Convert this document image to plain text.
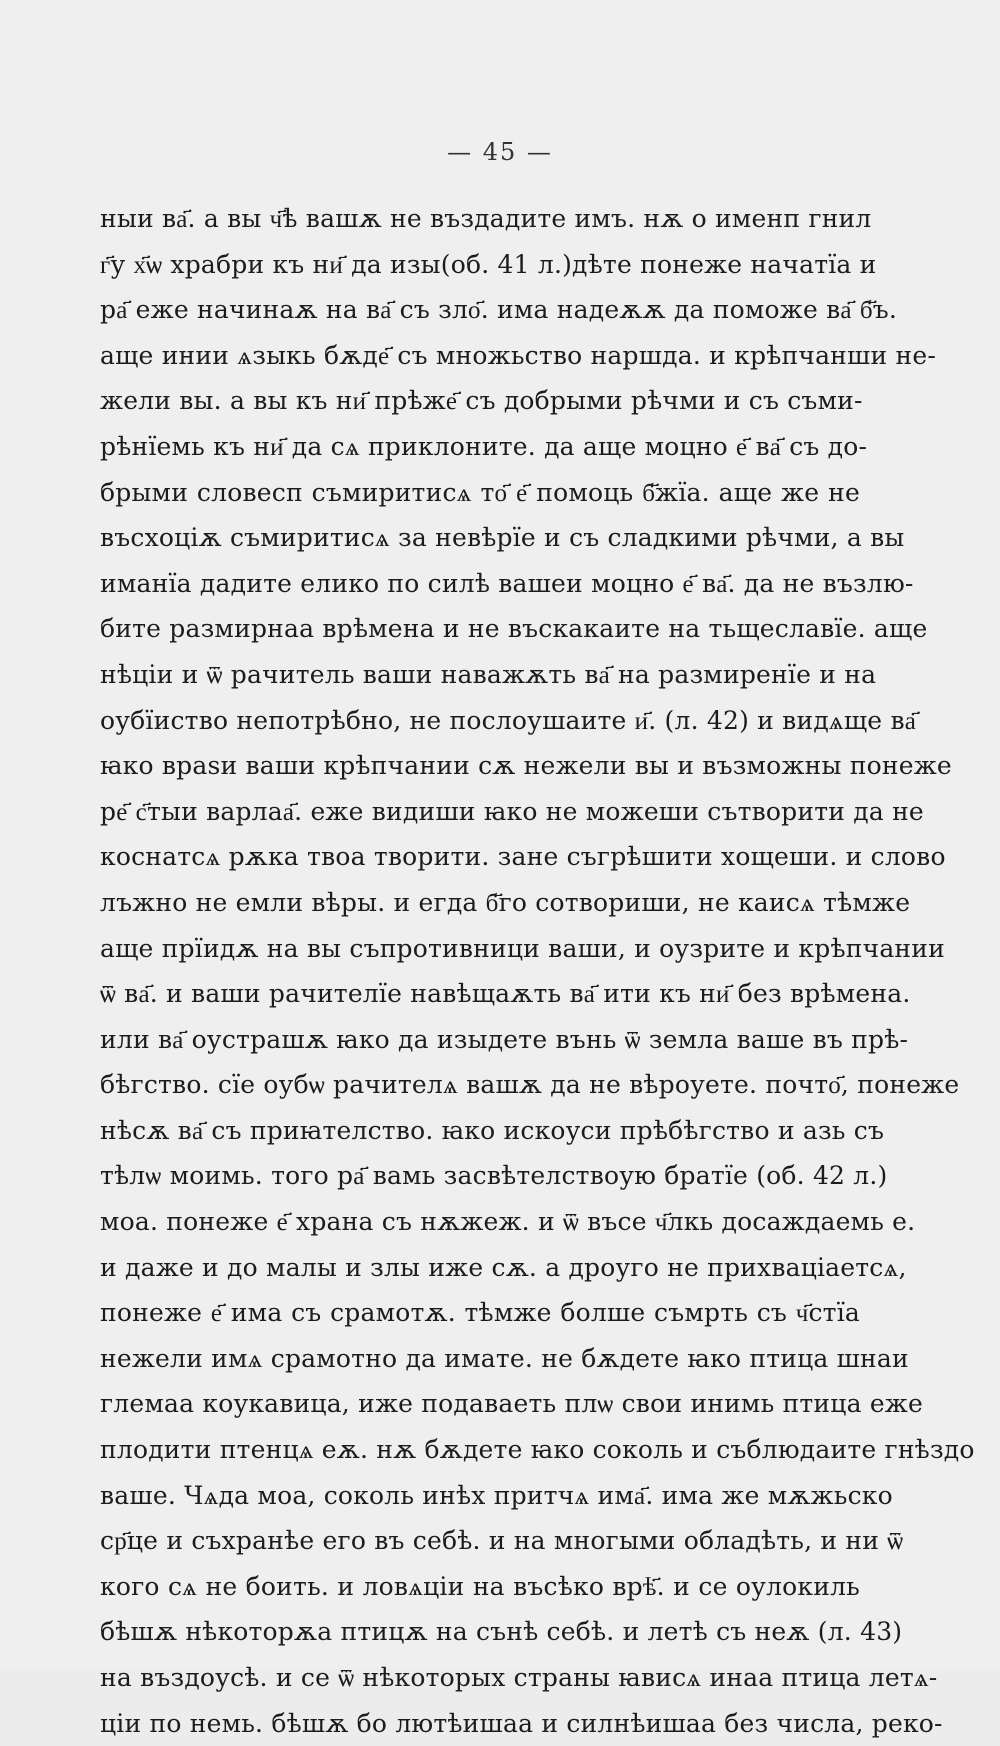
— 45 —
ныи ва҃. а вы ч҃ѣ вашѫ не въздадите имъ. нѫ о именп гнил
г҃у х҃ѡ храбри къ ни҃ да изы(об. 41 л.)дѣте понеже начатїа и
ра҃ еже начинаѫ на ва҃ съ зло҃. има надеѫѫ да поможе ва҃ б҃ъ.
аще инии ѧзыкь бѫде҃ съ множьство наршда. и крѣпчанши не-
жели вы. а вы къ ни҃ прѣже҃ съ добрыми рѣчми и съ съми-
рѣнїемь къ ни҃ да сѧ приклоните. да аще моцно е҃ ва҃ съ до-
брыми словесп съмиритисѧ то҃ е҃ помоць б҃жїа. аще же не
въсхоціѫ съмиритисѧ за невѣрїе и съ сладкими рѣчми, а вы
иманїа дадите елико по силѣ вашеи моцно е҃ ва҃. да не възлю-
бите размирнаа врѣмена и не въскакаите на тьщеславїе. аще
нѣціи и ѿ рачитель ваши наважѫть ва҃ на размиренїе и на
оубїиство непотрѣбно, не послоушаите и҃. (л. 42) и видѧще ва҃
ꙗко враѕи ваши крѣпчании сѫ нежели вы и възможны понеже
ре҃ с҃тыи варлаа҃. еже видиши ꙗко не можеши сътворити да не
коснатсѧ рѫка твоа творити. зане съгрѣшити хощеши. и слово
лъжно не емли вѣры. и егда б҃го сотвориши, не каисѧ тѣмже
аще прїидѫ на вы съпротивници ваши, и оузрите и крѣпчании
ѿ ва҃. и ваши рачителїе навѣщаѫть ва҃ ити къ ни҃ без врѣмена.
или ва҃ оустрашѫ ꙗко да изыдете вънь ѿ земла ваше въ прѣ-
бѣгство. сїе оубѡ рачителѧ вашѫ да не вѣроуете. почто҃, понеже
нѣсѫ ва҃ съ приꙗтелство. ꙗко искоуси прѣбѣгство и азь съ
тѣлѡ моимь. того ра҃ вамь засвѣтелствоую братїе (об. 42 л.)
моа. понеже е҃ храна съ нѫжеж. и ѿ въсе ч҃лкь досаждаемь е.
и даже и до малы и злы иже сѫ. а дроуго не прихваціаетсѧ,
понеже е҃ има съ срамотѫ. тѣмже болше съмрть съ ч҃стїа
нежели имѧ срамотно да имате. не бѫдете ꙗко птица шнаи
глемаа коукавица, иже подаваеть плѡ свои инимь птица еже
плодити птенцѧ еѫ. нѫ бѫдете ꙗко соколь и съблюдаите гнѣздо
ваше. Чѧда моа, соколь инѣх притчѧ има҃. има же мѫжьско
ср҃це и съхранѣе его въ себѣ. и на многыми обладѣть, и ни ѿ
кого сѧ не боить. и ловѧціи на въсѣко врѣ҃. и се оулокиль
бѣшѫ нѣкоторѫа птицѫ на сънѣ себѣ. и летѣ съ неѫ (л. 43)
на въздоусѣ. и се ѿ нѣкоторых страны ꙗвисѧ инаа птица летѧ-
ціи по немь. бѣшѫ бо лютѣишаа и силнѣишаа без числа, реко-
